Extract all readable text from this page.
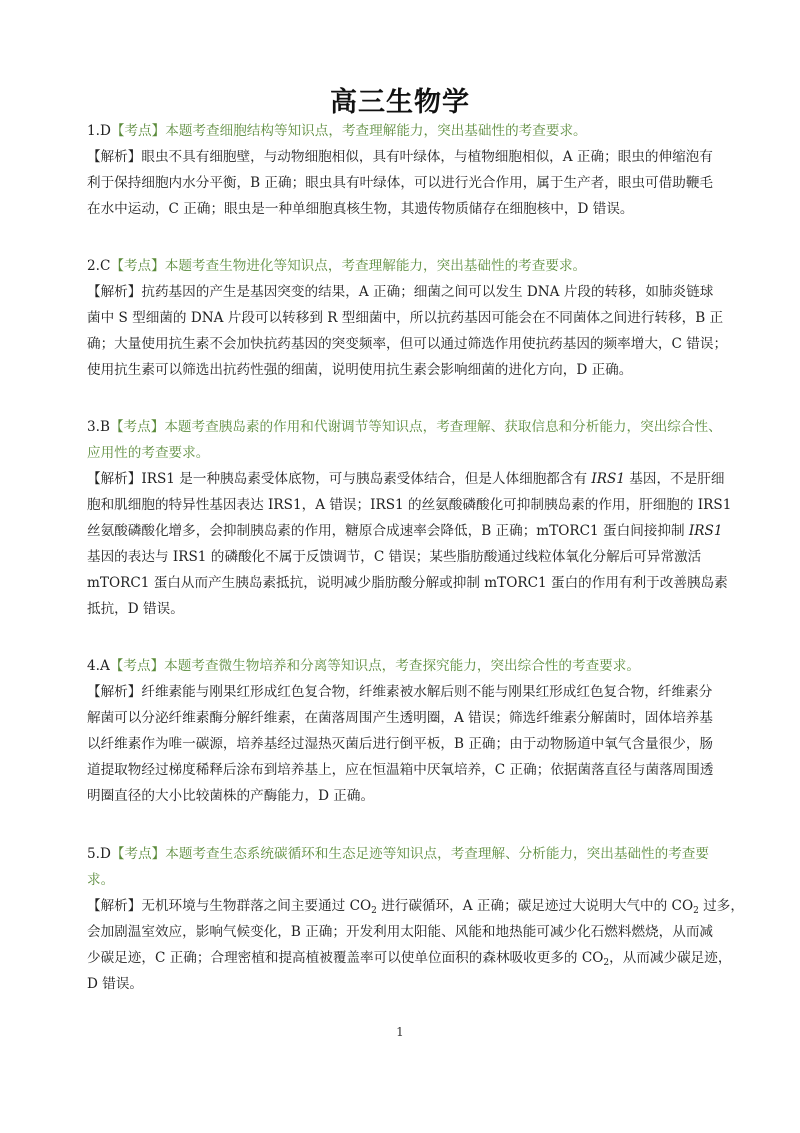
高三生物学
1.D【考点】本题考查细胞结构等知识点，考查理解能力，突出基础性的考查要求。
【解析】眼虫不具有细胞壁，与动物细胞相似，具有叶绿体，与植物细胞相似，A 正确；眼虫的伸缩泡有
利于保持细胞内水分平衡，B 正确；眼虫具有叶绿体，可以进行光合作用，属于生产者，眼虫可借助鞭毛
在水中运动，C 正确；眼虫是一种单细胞真核生物，其遗传物质储存在细胞核中，D 错误。
2.C【考点】本题考查生物进化等知识点，考查理解能力，突出基础性的考查要求。
【解析】抗药基因的产生是基因突变的结果，A 正确；细菌之间可以发生 DNA 片段的转移，如肺炎链球
菌中 S 型细菌的 DNA 片段可以转移到 R 型细菌中，所以抗药基因可能会在不同菌体之间进行转移，B 正
确；大量使用抗生素不会加快抗药基因的突变频率，但可以通过筛选作用使抗药基因的频率增大，C 错误；
使用抗生素可以筛选出抗药性强的细菌，说明使用抗生素会影响细菌的进化方向，D 正确。
3.B【考点】本题考查胰岛素的作用和代谢调节等知识点，考查理解、获取信息和分析能力，突出综合性、
应用性的考查要求。
【解析】IRS1 是一种胰岛素受体底物，可与胰岛素受体结合，但是人体细胞都含有 IRS1 基因，不是肝细
胞和肌细胞的特异性基因表达 IRS1，A 错误；IRS1 的丝氨酸磷酸化可抑制胰岛素的作用，肝细胞的 IRS1
丝氨酸磷酸化增多，会抑制胰岛素的作用，糖原合成速率会降低，B 正确；mTORC1 蛋白间接抑制 IRS1
基因的表达与 IRS1 的磷酸化不属于反馈调节，C 错误；某些脂肪酸通过线粒体氧化分解后可异常激活
mTORC1 蛋白从而产生胰岛素抵抗，说明减少脂肪酸分解或抑制 mTORC1 蛋白的作用有利于改善胰岛素
抵抗，D 错误。
4.A【考点】本题考查微生物培养和分离等知识点，考查探究能力，突出综合性的考查要求。
【解析】纤维素能与刚果红形成红色复合物，纤维素被水解后则不能与刚果红形成红色复合物，纤维素分
解菌可以分泌纤维素酶分解纤维素，在菌落周围产生透明圈，A 错误；筛选纤维素分解菌时，固体培养基
以纤维素作为唯一碳源，培养基经过湿热灭菌后进行倒平板，B 正确；由于动物肠道中氧气含量很少，肠
道提取物经过梯度稀释后涂布到培养基上，应在恒温箱中厌氧培养，C 正确；依据菌落直径与菌落周围透
明圈直径的大小比较菌株的产酶能力，D 正确。
5.D【考点】本题考查生态系统碳循环和生态足迹等知识点，考查理解、分析能力，突出基础性的考查要
求。
【解析】无机环境与生物群落之间主要通过 $CO_2$ 进行碳循环，A 正确；碳足迹过大说明大气中的 $CO_2$ 过多，
会加剧温室效应，影响气候变化，B 正确；开发利用太阳能、风能和地热能可减少化石燃料燃烧，从而减
少碳足迹，C 正确；合理密植和提高植被覆盖率可以使单位面积的森林吸收更多的 $CO_2$，从而减少碳足迹，
D 错误。
1
